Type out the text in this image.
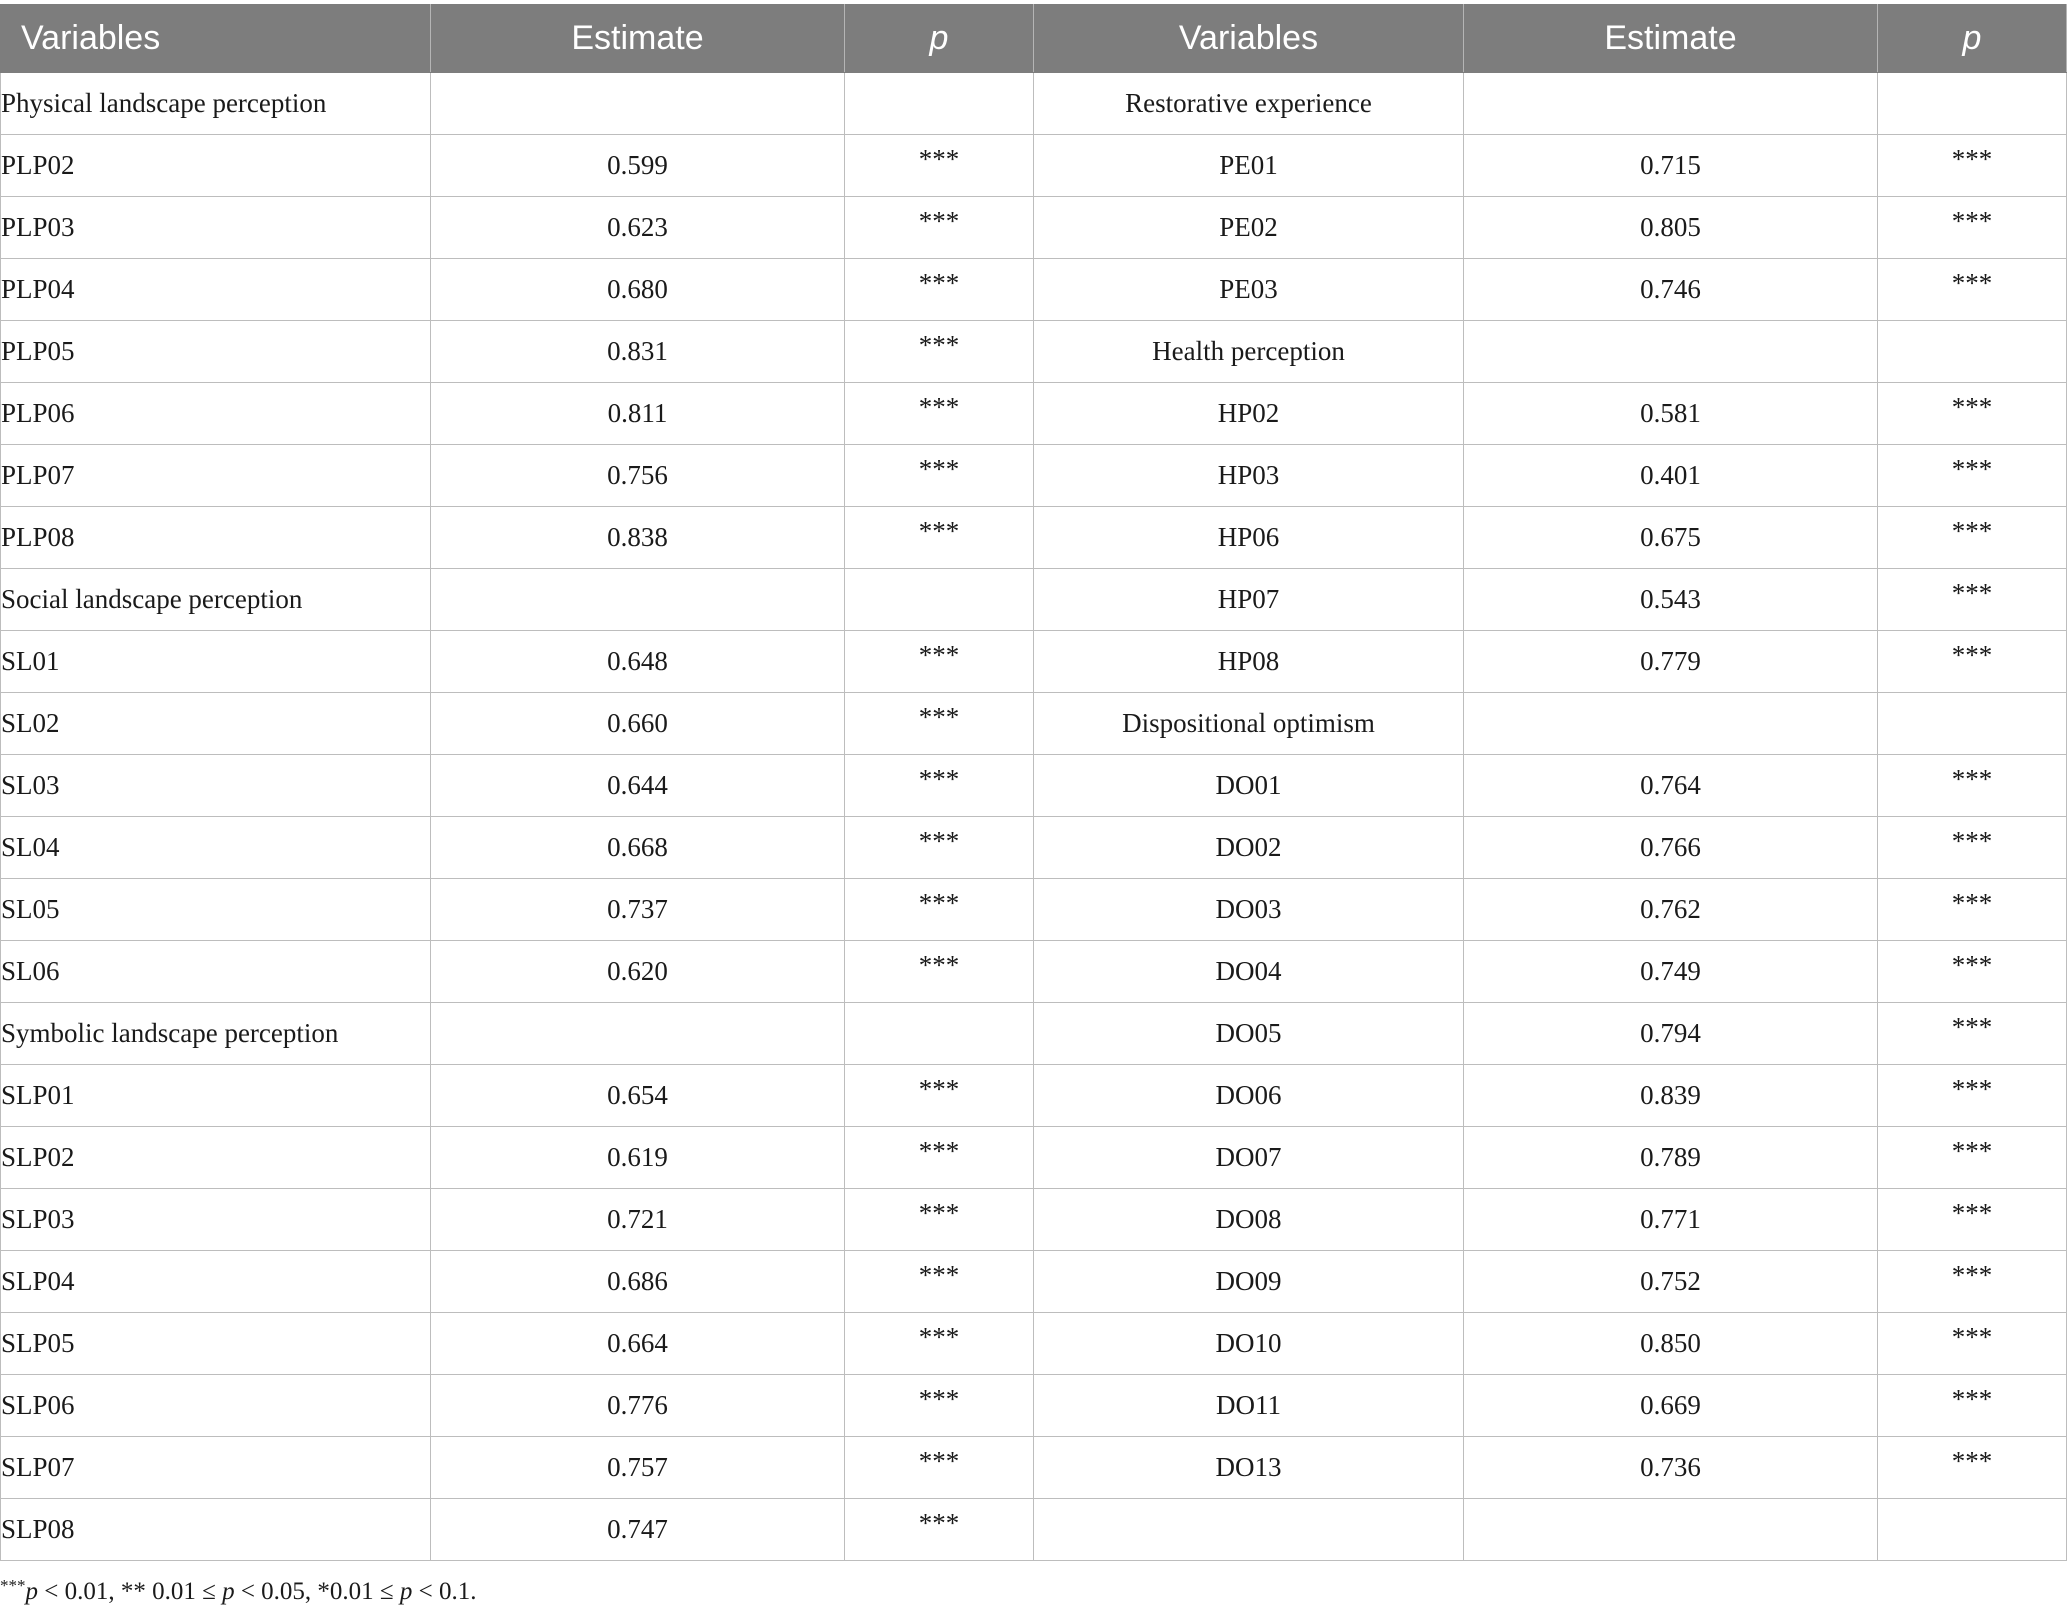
Variables	Estimate	p	Variables	Estimate	p
Physical landscape perception			Restorative experience		
PLP02	0.599	***	PE01	0.715	***
PLP03	0.623	***	PE02	0.805	***
PLP04	0.680	***	PE03	0.746	***
PLP05	0.831	***	Health perception		
PLP06	0.811	***	HP02	0.581	***
PLP07	0.756	***	HP03	0.401	***
PLP08	0.838	***	HP06	0.675	***
Social landscape perception			HP07	0.543	***
SL01	0.648	***	HP08	0.779	***
SL02	0.660	***	Dispositional optimism		
SL03	0.644	***	DO01	0.764	***
SL04	0.668	***	DO02	0.766	***
SL05	0.737	***	DO03	0.762	***
SL06	0.620	***	DO04	0.749	***
Symbolic landscape perception			DO05	0.794	***
SLP01	0.654	***	DO06	0.839	***
SLP02	0.619	***	DO07	0.789	***
SLP03	0.721	***	DO08	0.771	***
SLP04	0.686	***	DO09	0.752	***
SLP05	0.664	***	DO10	0.850	***
SLP06	0.776	***	DO11	0.669	***
SLP07	0.757	***	DO13	0.736	***
SLP08	0.747	***			
***p < 0.01, ** 0.01 ≤ p < 0.05, *0.01 ≤ p < 0.1.
